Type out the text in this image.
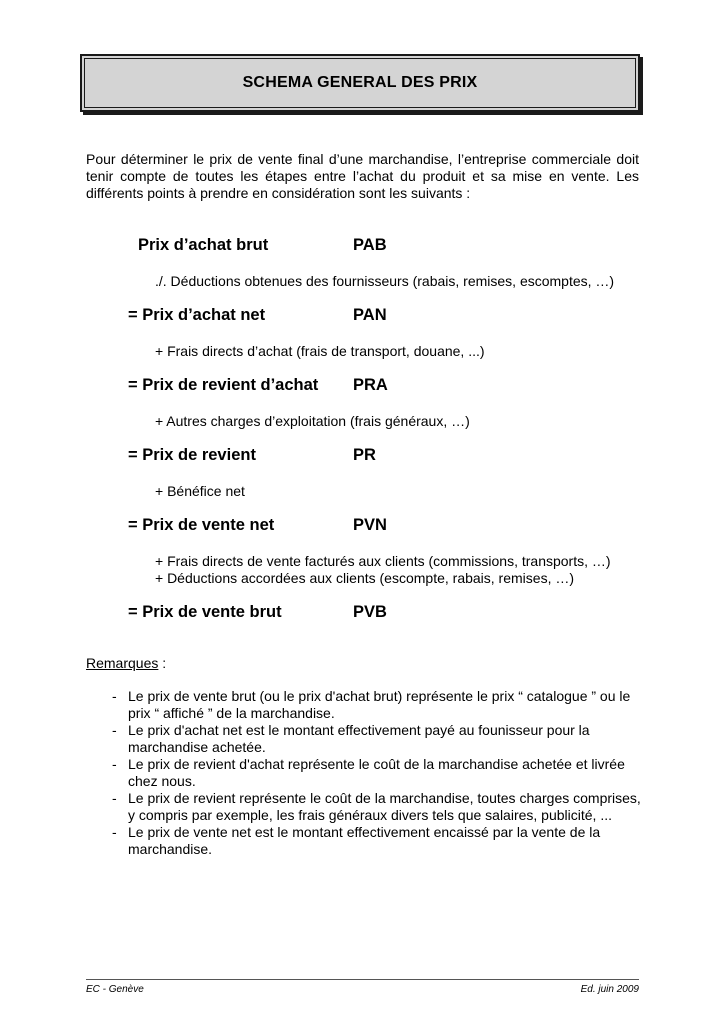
SCHEMA GENERAL DES PRIX

Pour déterminer le prix de vente final d’une marchandise, l’entreprise commerciale doit tenir compte de toutes les étapes entre l’achat du produit et sa mise en vente. Les différents points à prendre en considération sont les suivants :

Prix d’achat brut	PAB
./. Déductions obtenues des fournisseurs (rabais, remises, escomptes, …)
= Prix d’achat net	PAN
+ Frais directs d’achat (frais de transport, douane, ...)
= Prix de revient d’achat PRA
+ Autres charges d’exploitation (frais généraux, …)
= Prix de revient	PR
+ Bénéfice net
= Prix de vente net	PVN
+ Frais directs de vente facturés aux clients (commissions, transports, …)
+ Déductions accordées aux clients (escompte, rabais, remises, …)
= Prix de vente brut	PVB
Remarques :
- Le prix de vente brut (ou le prix d'achat brut) représente le prix “ catalogue ” ou le prix “ affiché ” de la marchandise.
- Le prix d'achat net est le montant effectivement payé au founisseur pour la marchandise achetée.
- Le prix de revient d'achat représente le coût de la marchandise achetée et livrée chez nous.
- Le prix de revient représente le coût de la marchandise, toutes charges comprises, y compris par exemple, les frais généraux divers tels que salaires, publicité, ...
- Le prix de vente net est le montant effectivement encaissé par la vente de la marchandise.
EC - Genève	Ed. juin 2009
